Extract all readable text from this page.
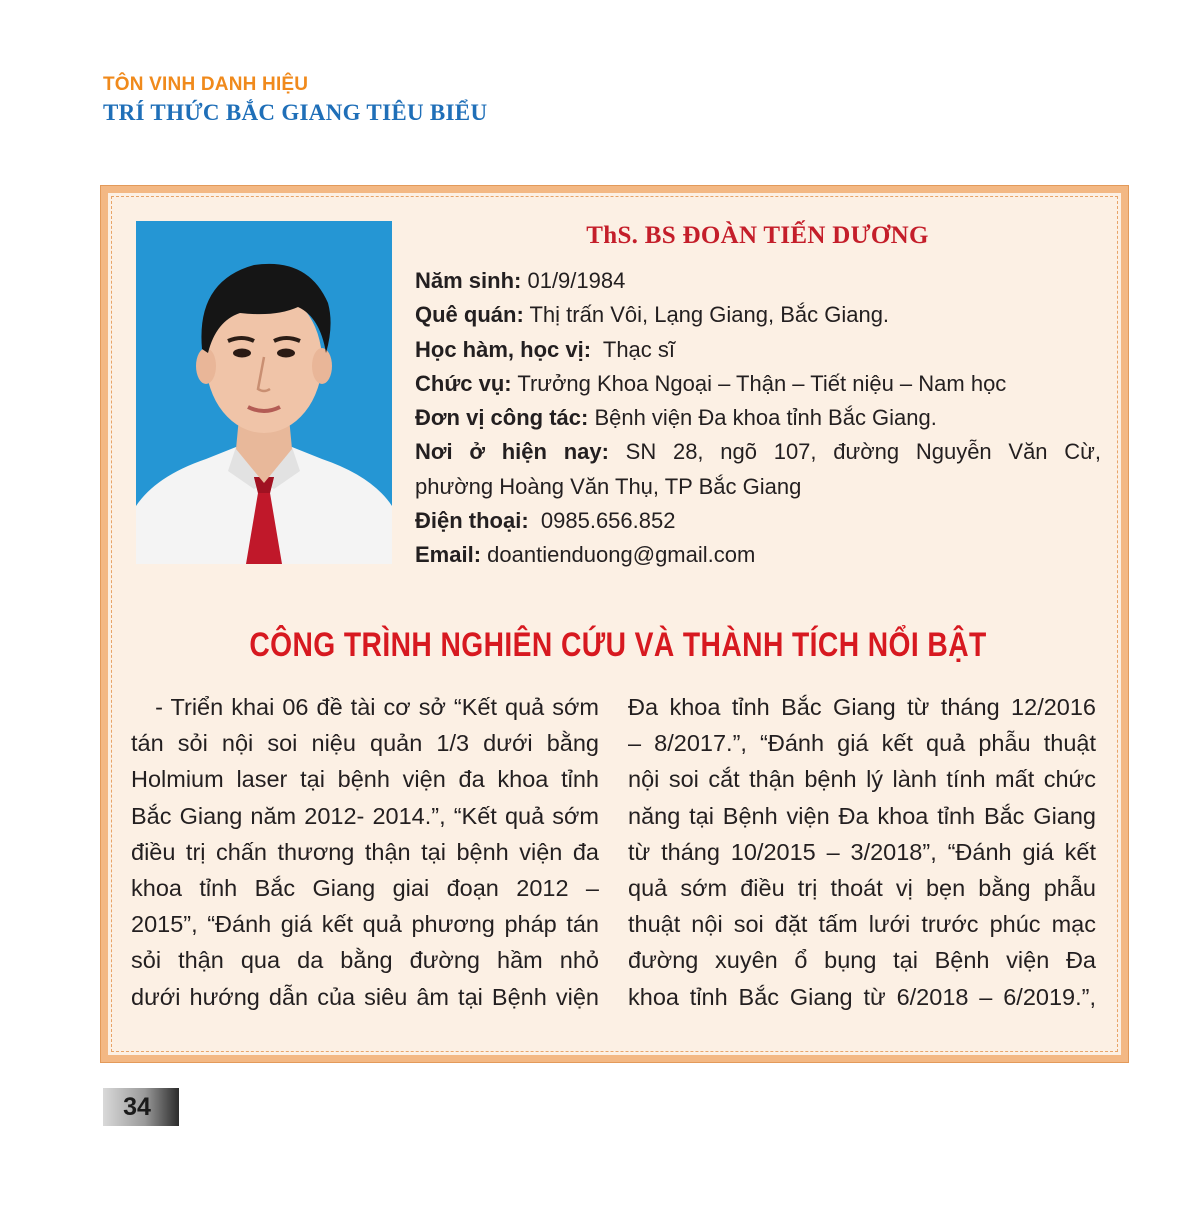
TÔN VINH DANH HIỆU
TRÍ THỨC BẮC GIANG TIÊU BIỂU
ThS. BS ĐOÀN TIẾN DƯƠNG
Năm sinh: 01/9/1984
Quê quán: Thị trấn Vôi, Lạng Giang, Bắc Giang.
Học hàm, học vị:  Thạc sĩ
Chức vụ: Trưởng Khoa Ngoại – Thận – Tiết niệu – Nam học
Đơn vị công tác: Bệnh viện Đa khoa tỉnh Bắc Giang.
Nơi ở hiện nay: SN 28, ngõ 107, đường Nguyễn Văn Cừ,
phường Hoàng Văn Thụ, TP Bắc Giang
Điện thoại:  0985.656.852
Email: doantienduong@gmail.com
CÔNG TRÌNH NGHIÊN CỨU VÀ THÀNH TÍCH NỔI BẬT
- Triển khai 06 đề tài cơ sở “Kết quả sớm
tán sỏi nội soi niệu quản 1/3 dưới bằng
Holmium laser tại bệnh viện đa khoa tỉnh
Bắc Giang năm 2012- 2014.”, “Kết quả sớm
điều trị chấn thương thận tại bệnh viện đa
khoa tỉnh Bắc Giang giai đoạn 2012 –
2015”, “Đánh giá kết quả phương pháp tán
sỏi thận qua da bằng đường hầm nhỏ
dưới hướng dẫn của siêu âm tại Bệnh viện
Đa khoa tỉnh Bắc Giang từ tháng 12/2016
– 8/2017.”, “Đánh giá kết quả phẫu thuật
nội soi cắt thận bệnh lý lành tính mất chức
năng tại Bệnh viện Đa khoa tỉnh Bắc Giang
từ tháng 10/2015 – 3/2018”, “Đánh giá kết
quả sớm điều trị thoát vị bẹn bằng phẫu
thuật nội soi đặt tấm lưới trước phúc mạc
đường xuyên ổ bụng tại Bệnh viện Đa
khoa tỉnh Bắc Giang từ 6/2018 – 6/2019.”,
34
